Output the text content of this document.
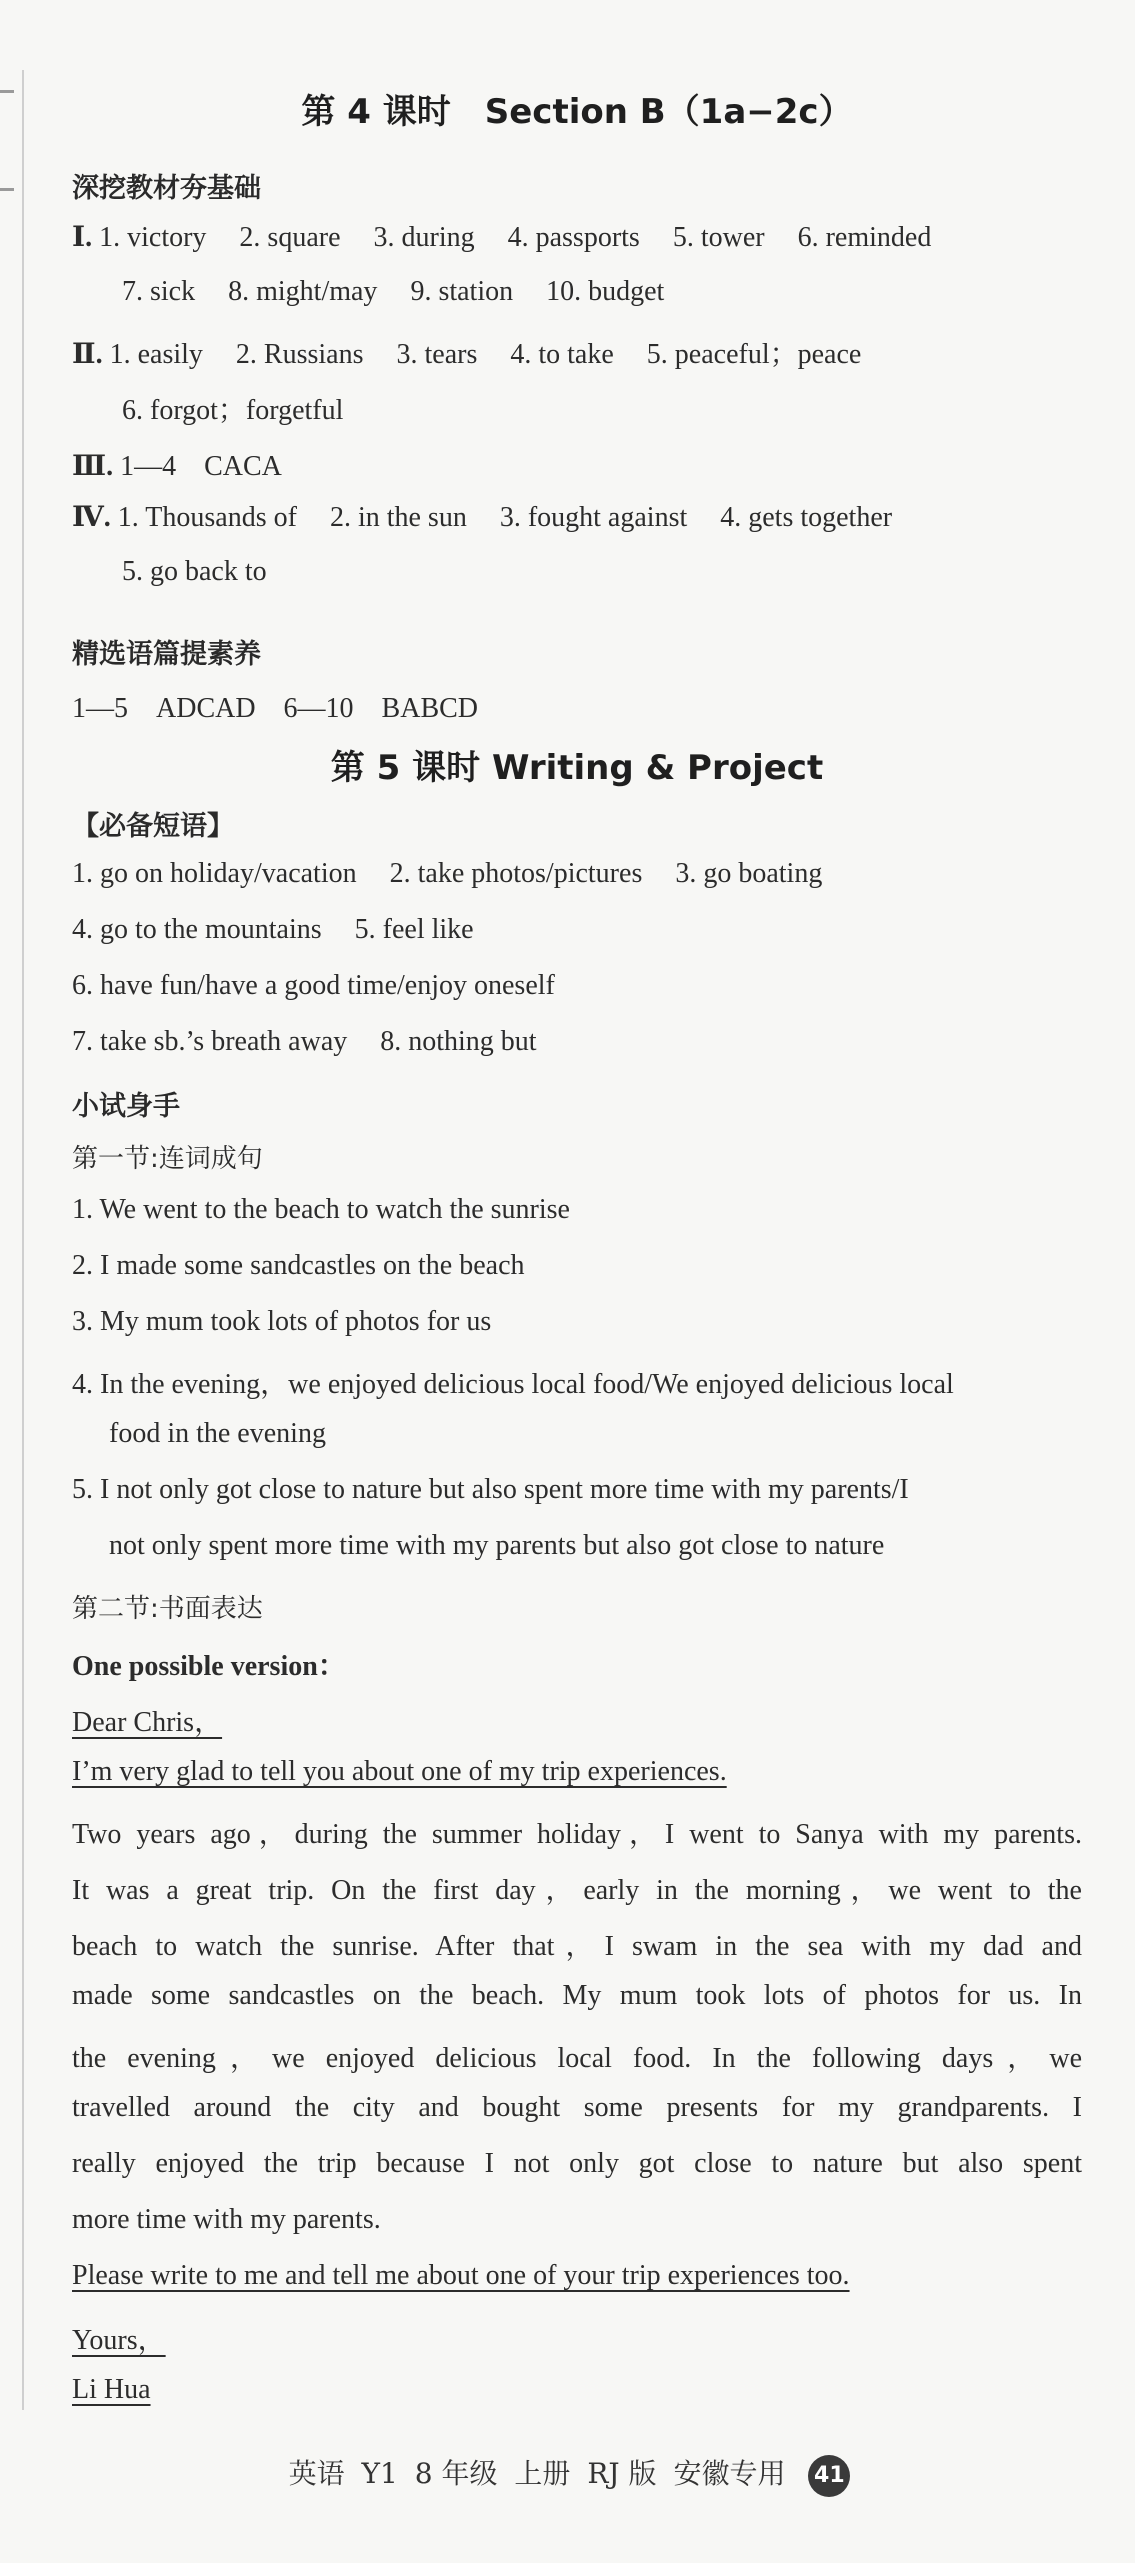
第 4 课时　Section B（1a−2c）
深挖教材夯基础
Ⅰ. 1. victory 2. square 3. during 4. passports 5. tower 6. reminded
7. sick 8. might/may 9. station 10. budget
Ⅱ. 1. easily 2. Russians 3. tears 4. to take 5. peaceful；peace
6. forgot；forgetful
Ⅲ. 1—4　CACA
Ⅳ. 1. Thousands of 2. in the sun 3. fought against 4. gets together
5. go back to
精选语篇提素养
1—5　ADCAD　6—10　BABCD
第 5 课时 Writing & Project
【必备短语】
1. go on holiday/vacation 2. take photos/pictures 3. go boating
4. go to the mountains 5. feel like
6. have fun/have a good time/enjoy oneself
7. take sb.’s breath away 8. nothing but
小试身手
第一节:连词成句
1. We went to the beach to watch the sunrise
2. I made some sandcastles on the beach
3. My mum took lots of photos for us
4. In the evening，we enjoyed delicious local food/We enjoyed delicious local
food in the evening
5. I not only got close to nature but also spent more time with my parents/I
not only spent more time with my parents but also got close to nature
第二节:书面表达
One possible version：
Dear Chris，
I’m very glad to tell you about one of my trip experiences.
Two years ago，during the summer holiday，I went to Sanya with my parents.
It was a great trip. On the first day，early in the morning，we went to the
beach to watch the sunrise. After that，I swam in the sea with my dad and
made some sandcastles on the beach. My mum took lots of photos for us. In
the evening，we enjoyed delicious local food. In the following days，we
travelled around the city and bought some presents for my grandparents. I
really enjoyed the trip because I not only got close to nature but also spent
more time with my parents.
Please write to me and tell me about one of your trip experiences too.
Yours，
Li Hua
英语 Y1 8 年级 上册 RJ 版 安徽专用 41
